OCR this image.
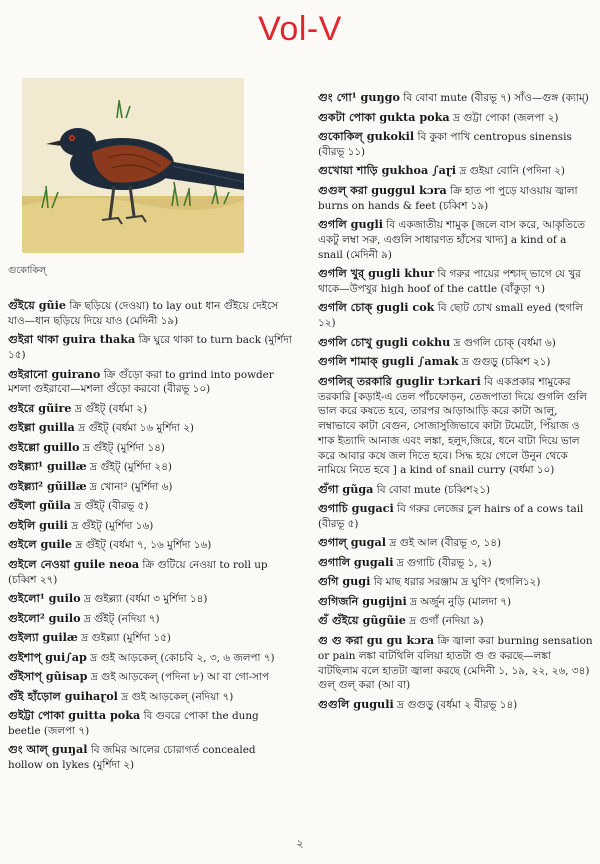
Vol-V
গুকোকিল্

গুঁইয়ে gũie ক্রি ছড়িয়ে (দেওয়া) to lay out ধান গুঁইয়ে দেইসে যাও—ধান ছড়িয়ে দিয়ে যাও (মেদিনী ১৯)

গুইরা থাকা guira thaka ক্রি ঘুরে থাকা to turn back (মুর্শিদা ১৫)

গুইরানো guirano ক্রি গুঁড়ো করা to grind into powder মশলা গুইরাবো—মশলা গুঁড়ো করবো (বীরভূ ১০)

গুইরে gũire দ্র গুঁইট্ (বর্ধমা ২)

গুইল্লা guilla দ্র গুঁইট্ (বর্ধমা ১৬ মুর্শিদা ২)

গুইল্লো guillo দ্র গুঁইট্ (মুর্শিদা ১৪)

গুইল্ল্যা¹ guillæ দ্র গুঁইট্ (মুর্শিদা ২৪)

গুইল্ল্যা² gũillæ দ্র খোনা² (মুর্শিদা ৬)

গুঁইলা gũila দ্র গুঁইট্ (বীরভূ ৫)

গুইলি guili দ্র গুঁইট্ (মুর্শিদা ১৬)

গুইলে guile দ্র গুঁইট্ (বর্ধমা ৭, ১৬ মুর্শিদা ১৬)

গুইলে নেওয়া guile neoa ক্রি গুটিয়ে নেওয়া to roll up (চব্বিশ ২৭)

গুইলো¹ guilo দ্র গুইল্ল্যা (বর্ধমা ৩ মুর্শিদা ১৪)

গুইলো² guilo দ্র গুঁইট্ (নদিয়া ৭)

গুইল্যা guilæ দ্র গুইল্ল্যা (মুর্শিদা ১৫)

গুইশাপ্ gui∫ap দ্র গুই আড়কেল্ (কোচবি ২, ৩, ৬ জলপা ৭)

গুঁইসাপ্ gũisap দ্র গুই আড়কেল্ (পদিনা ৮) আ বা গো-সাপ

গুঁই হাঁড়োল guihaɽol দ্র গুই আড়কেল্ (নদিয়া ৭)

গুইট্টা পোকা guitta poka বি গুবরে পোকা the dung beetle (জলপা ৭)

গুং আল্ guŋal বি জমির আলের চোরাগর্ত concealed hollow on lykes (মুর্শিদা ২)

গুং গো¹ guŋgo বি বোবা mute (বীরভূ ৭) সাঁও—গুঙ্গ (ক্যাম্)

গুকটা পোকা gukta poka দ্র গুট্টা পোকা (জলপা ২)

গুকোকিল্ gukokil বি কুকা পাখি centropus sinensis (বীরভূ ১১)

গুখোয়া শাড়ি gukhoa ∫aɽi দ্র গুইয়া বোনি (পদিনা ২)

গুগুল্ করা guggul kɔra ক্রি হাত পা পুড়ে যাওয়ায় জ্বালা burns on hands & feet (চব্বিশ ১৯)

গুগলি gugli বি একজাতীয় শামুক [জলে বাস করে, আকৃতিতে একটু লম্বা সরু, এগুলি সাধারণত হাঁসের খাদ্য] a kind of a snail (মেদিনী ৯)

গুগলি খুর্ gugli khur বি গরুর পায়ের পশ্চাদ্ ভাগে যে খুর থাকে—উপখুর high hoof of the cattle (বাঁকুড়া ৭)

গুগলি চোক্ gugli cok বি ছোট চোখ small eyed (হুগলি ১২)

গুগলি চোখু gugli cokhu দ্র গুগলি চোক্ (বর্ধমা ৬)

গুগলি শামাক্ gugli ∫amak দ্র গুগুড়ু (চব্বিশ ২১)

গুগলির্ তরকারি guglir tɔrkari বি একপ্রকার শামুকের তরকারি [কড়াই-এ তেল পাঁচফোড়ন, তেজপাতা দিয়ে গুগলি গুলি ভাল করে কষতে হবে, তারপর আড়াআড়ি করে কাটা আলু, লম্বাভাবে কাটা বেগুন, সোজাসুজিভাবে কাটা টমেটো, পিঁয়াজ ও শাক ইত্যাদি আনাজ এবং লঙ্কা, হলুদ,জিরে, ধনে বাটা দিয়ে ভাল করে আবার কষে জল দিতে হবে। সিদ্ধ হয়ে গেলে উনুন থেকে নামিয়ে নিতে হবে ] a kind of snail curry (বর্ধমা ১০)

গুঁগা gũga বি বোবা mute (চব্বিশ২১)

গুগাচি gugaci বি গরুর লেজের চুল hairs of a cows tail (বীরভূ ৫)

গুগাল্ gugal দ্র গুই আল (বীরভূ ৩, ১৪)

গুগালি gugali দ্র গুগাচি (বীরভূ ১, ২)

গুগি gugi বি মাছ ধরার সরঞ্জাম দ্র ঘুণি² (হুগলি১২)

গুগিজনি gugijni দ্র অর্জুন নুড়ি (মালদা ৭)

গুঁ গুঁইয়ে gũgũie দ্র গুগাঁ (নদিয়া ৯)

গু গু করা gu gu kɔra ক্রি জ্বালা করা burning sensation or pain লঙ্কা বাটথিলি বলিয়া হাতটা গু গু করছে—লঙ্কা বাটছিলাম বলে হাতটা জ্বালা করছে (মেদিনী ১, ১৯, ২২, ২৬, ৩৪) গুল্ গুল্ করা (আ বা)

গুগুলি guguli দ্র গুগুড়ু (বর্ধমা ২ বীরভূ ১৪)

২
